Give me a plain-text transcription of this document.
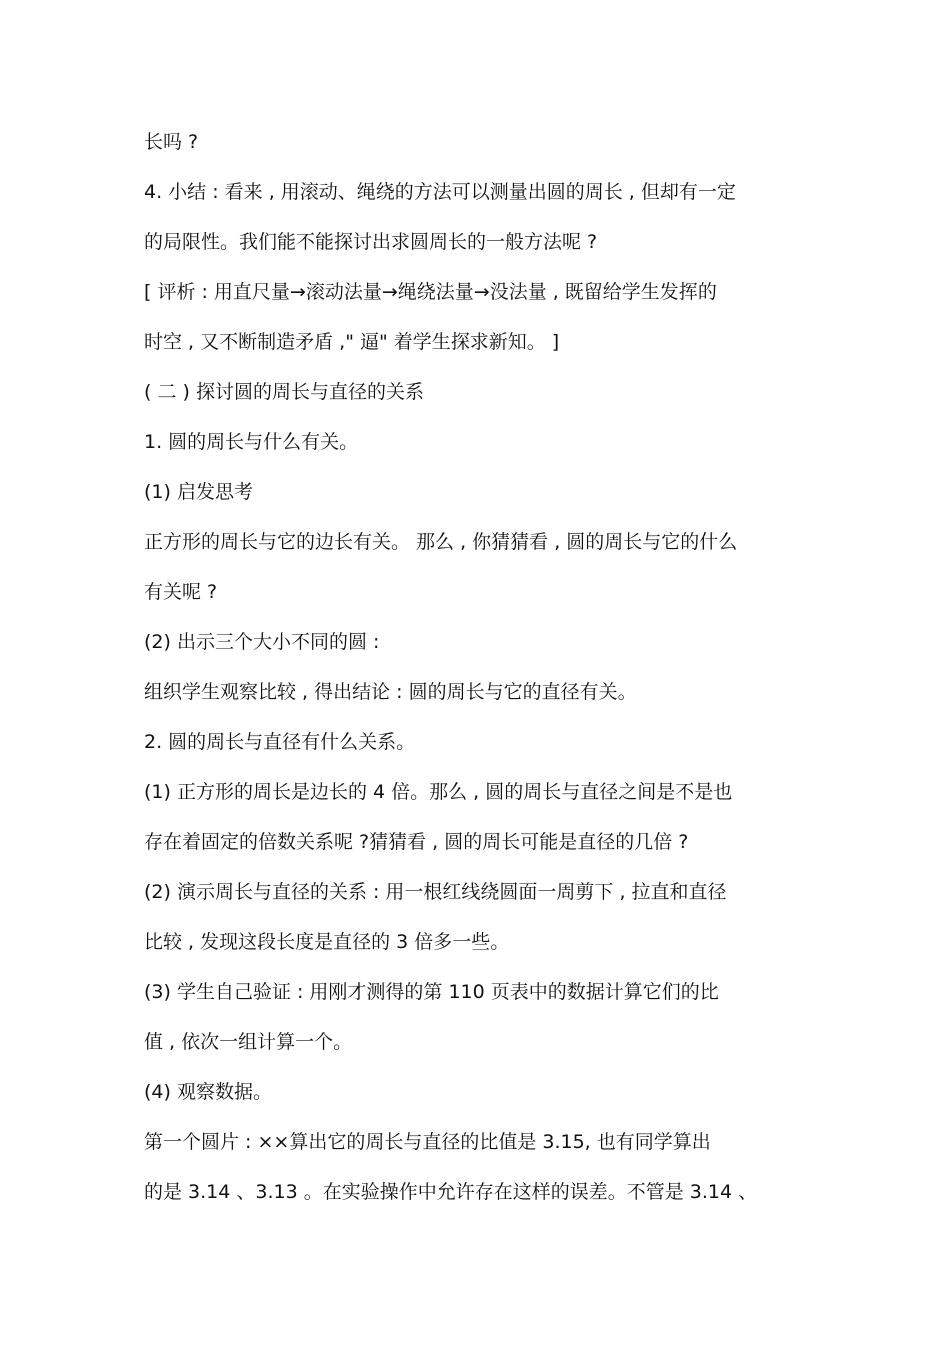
长吗 ?
4. 小结 : 看来 , 用滚动、绳绕的方法可以测量出圆的周长 , 但却有一定
的局限性。我们能不能探讨出求圆周长的一般方法呢 ?
[ 评析 : 用直尺量→滚动法量→绳绕法量→没法量 , 既留给学生发挥的
时空 , 又不断制造矛盾 ," 逼" 着学生探求新知。 ]
( 二 ) 探讨圆的周长与直径的关系
1. 圆的周长与什么有关。
(1) 启发思考
正方形的周长与它的边长有关。 那么 , 你猜猜看 , 圆的周长与它的什么
有关呢 ?
(2) 出示三个大小不同的圆 :
组织学生观察比较 , 得出结论 : 圆的周长与它的直径有关。
2. 圆的周长与直径有什么关系。
(1) 正方形的周长是边长的 4 倍。那么 , 圆的周长与直径之间是不是也
存在着固定的倍数关系呢 ?猜猜看 , 圆的周长可能是直径的几倍 ?
(2) 演示周长与直径的关系 : 用一根红线绕圆面一周剪下 , 拉直和直径
比较 , 发现这段长度是直径的 3 倍多一些。
(3) 学生自己验证 : 用刚才测得的第 110 页表中的数据计算它们的比
值 , 依次一组计算一个。
(4) 观察数据。
第一个圆片 : ××算出它的周长与直径的比值是 3.15, 也有同学算出
的是 3.14 、3.13 。在实验操作中允许存在这样的误差。不管是 3.14 、
